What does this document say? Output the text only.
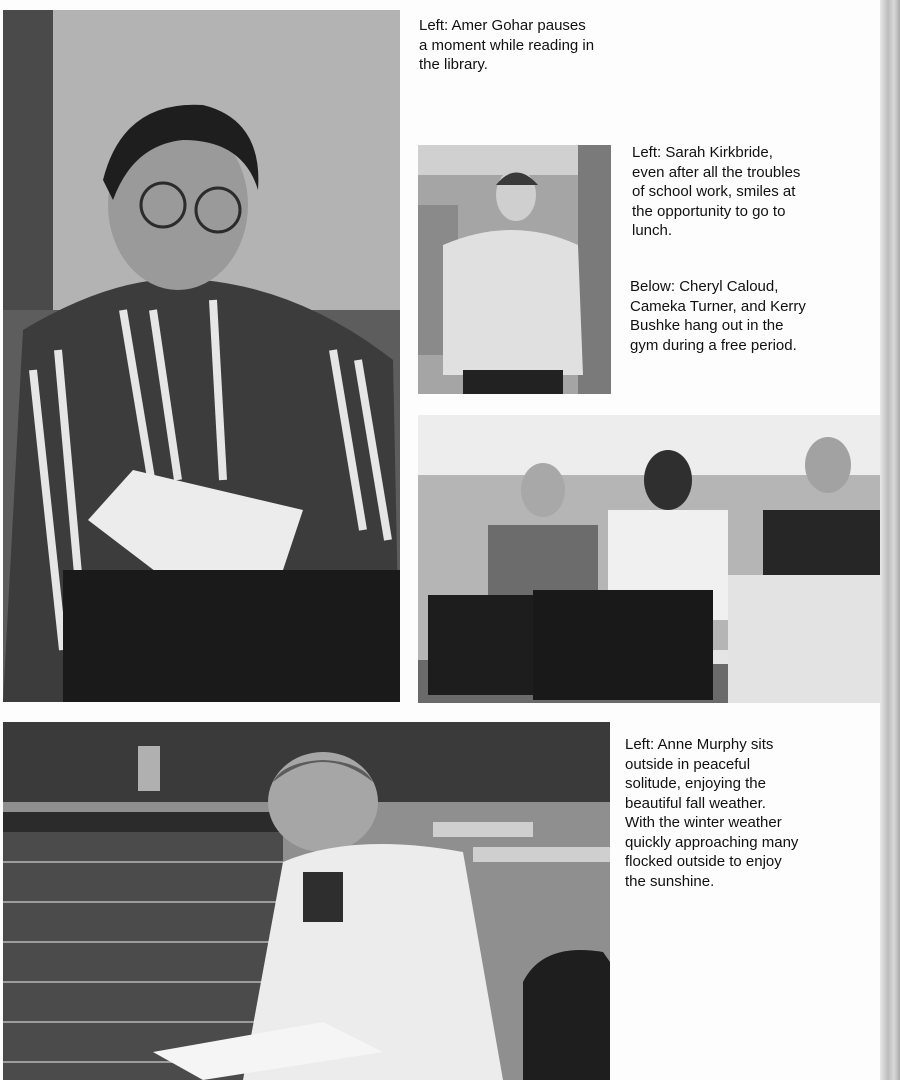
Left: Amer Gohar pauses
a moment while reading in
the library.

Left: Sarah Kirkbride,
even after all the troubles
of school work, smiles at
the opportunity to go to
lunch.

Below: Cheryl Caloud,
Cameka Turner, and Kerry
Bushke hang out in the
gym during a free period.

Left: Anne Murphy sits
outside in peaceful
solitude, enjoying the
beautiful fall weather.
With the winter weather
quickly approaching many
flocked outside to enjoy
the sunshine.
